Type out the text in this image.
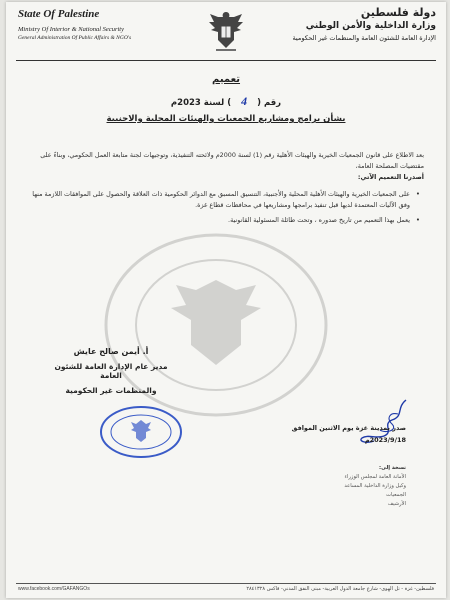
State Of Palestine
Ministry Of Interior & National Security
General Administration Of Public Affairs & NGO's
دولة فلسطين
وزارة الداخلية والأمن الوطني
الإدارة العامة للشئون العامة والمنظمات غير الحكومية
تعميم
رقم (4) لسنة 2023م
بشأن برامج ومشاريع الجمعيات والهيئات المحلية والاجنبية

بعد الاطلاع على قانون الجمعيات الخيرية والهيئات الأهلية رقم (1) لسنة 2000م ولائحته التنفيذية، وتوجيهات لجنة متابعة العمل الحكومي، وبناءً على مقتضيات المصلحة العامة،

أصدرنا التعميم الآتي:

• على الجمعيات الخيرية والهيئات الأهلية المحلية والأجنبية، التنسيق المسبق مع الدوائر الحكومية ذات العلاقة والحصول على الموافقات اللازمة منها وفق الآليات المعتمدة لديها قبل تنفيذ برامجها ومشاريعها في محافظات قطاع غزة.
• يعمل بهذا التعميم من تاريخ صدوره ، وتحت طائلة المسئولية القانونية.
أ. أيمن صالح عايش
مدير عام الإدارة العامة للشئون العامة
والمنظمات غير الحكومية
صدر بمدينة غزة يوم الاثنين الموافق
2023/9/18م
نسخة إلى:
الأمانة العامة لمجلس الوزراء
وكيل وزارة الداخلية المساعد
الجمعيات
الأرشيف
www.facebook.com/GAFANGOs	فلسطين- غزة - تل الهوى- شارع جامعة الدول العربية- مبنى النفق المدني- فاكس ٢٨٤١٣٢٨
